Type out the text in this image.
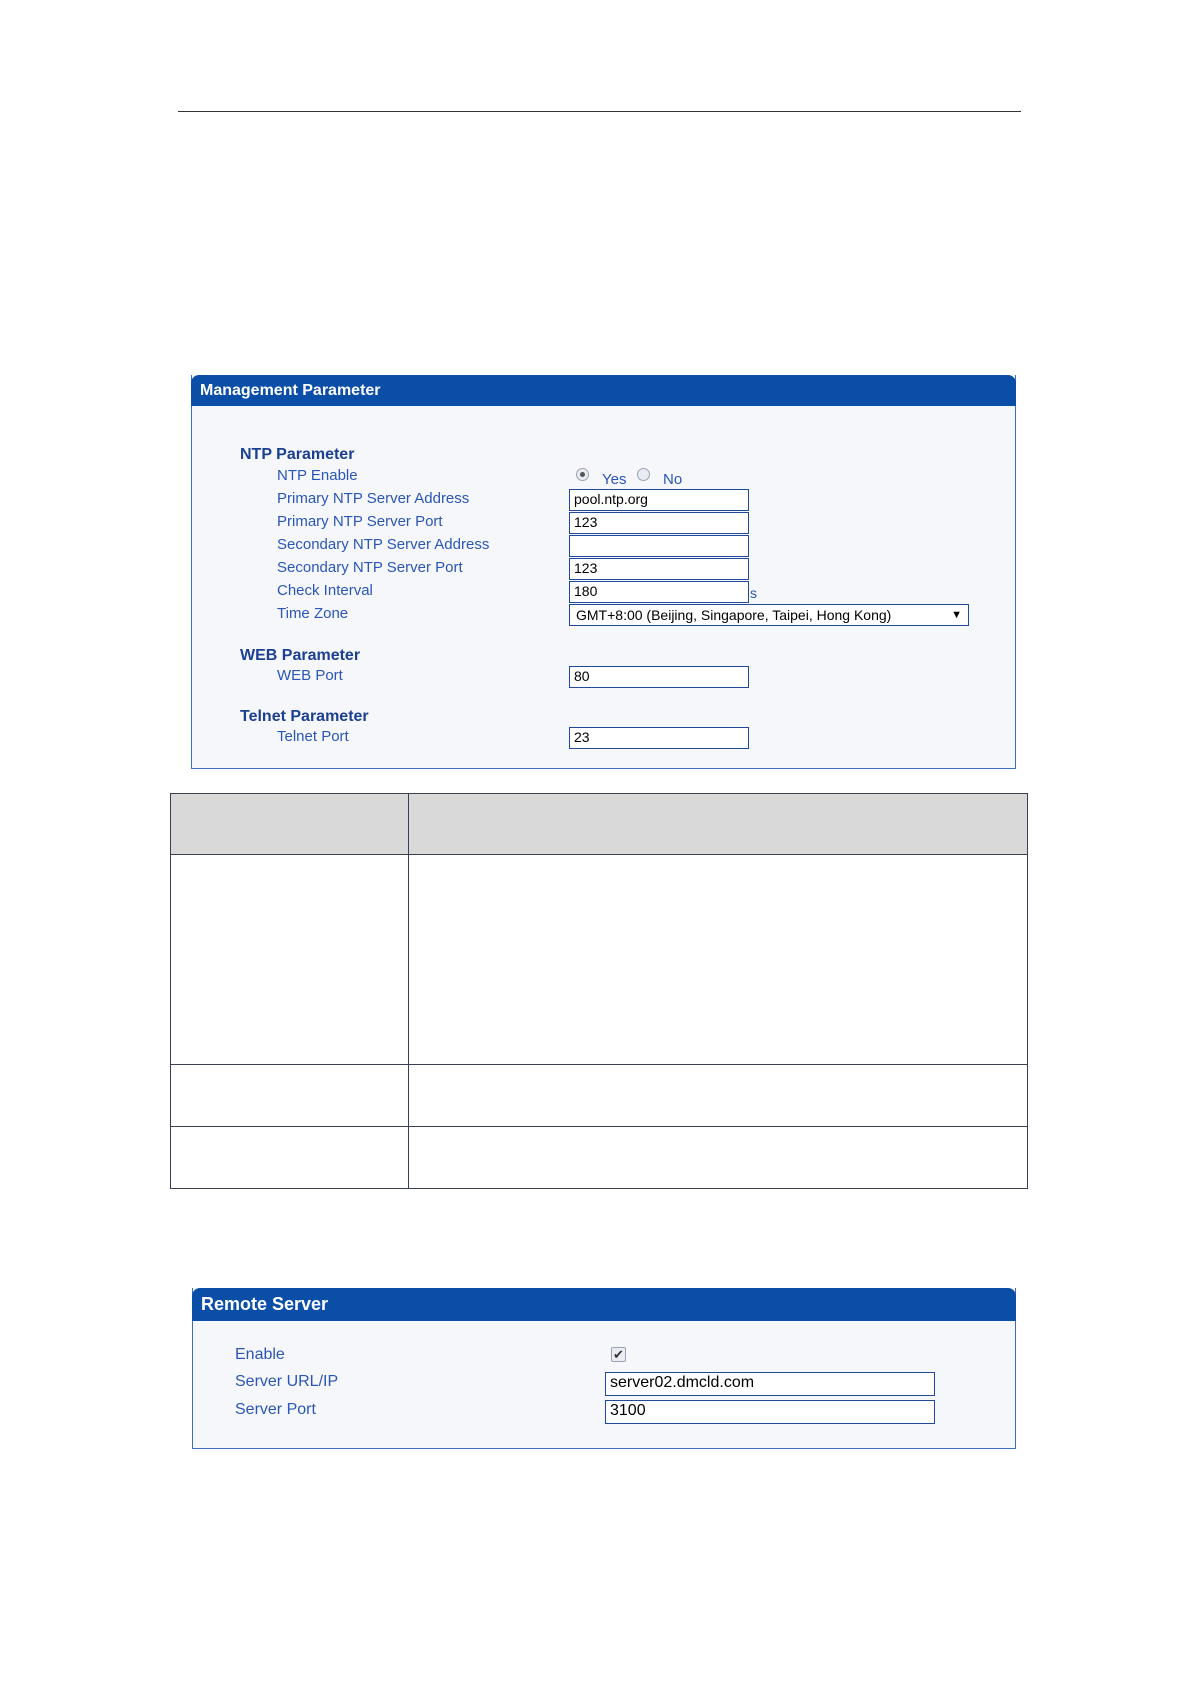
Management Parameter
NTP Parameter
NTP Enable	Yes No
Primary NTP Server Address	pool.ntp.org
Primary NTP Server Port	123
Secondary NTP Server Address
Secondary NTP Server Port	123
Check Interval	180	s
Time Zone	GMT+8:00 (Beijing, Singapore, Taipei, Hong Kong)	▼
WEB Parameter
WEB Port	80
Telnet Parameter
Telnet Port	23

Remote Server
Enable	✔
Server URL/IP	server02.dmcld.com
Server Port	3100
